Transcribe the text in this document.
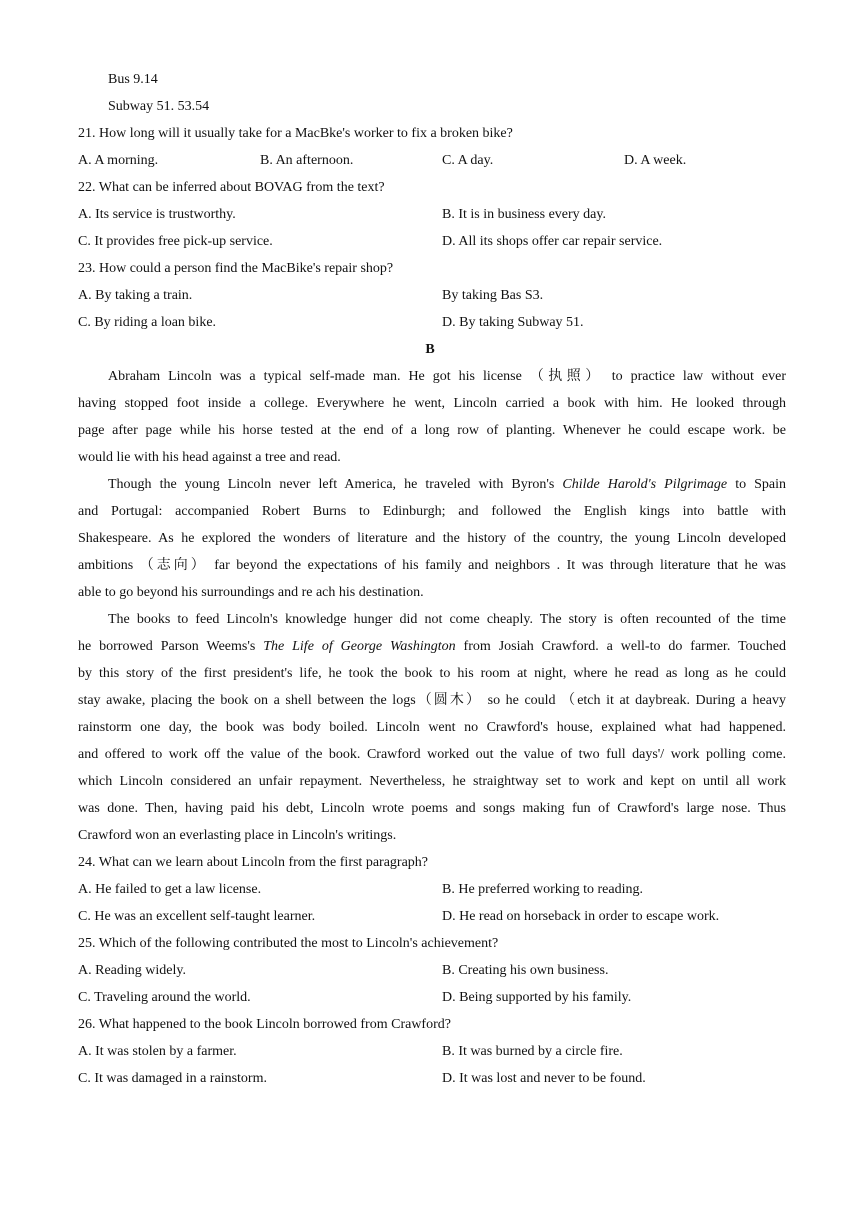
Bus 9.14
Subway 51. 53.54
21. How long will it usually take for a MacBke's worker to fix a broken bike?
A. A morning.	B. An afternoon.	C. A day.	D. A week.
22. What can be inferred about BOVAG from the text?
A. Its service is trustworthy.	B. It is in business every day.
C. It provides free pick-up service.	D. All its shops offer car repair service.
23. How could a person find the MacBike's repair shop?
A. By taking a train.	By taking Bas S3.
C. By riding a loan bike.	D. By taking Subway 51.
B
Abraham Lincoln was a typical self-made man. He got his license （执照） to practice law without ever
having stopped foot inside a college. Everywhere he went, Lincoln carried a book with him. He looked through
page after page while his horse tested at the end of a long row of planting. Whenever he could escape work. be
would lie with his head against a tree and read.
Though the young Lincoln never left America, he traveled with Byron's Childe Harold's Pilgrimage to Spain
and Portugal: accompanied Robert Burns to Edinburgh; and followed the English kings into battle with
Shakespeare. As he explored the wonders of literature and the history of the country, the young Lincoln developed
ambitions （志向） far beyond the expectations of his family and neighbors . It was through literature that he was
able to go beyond his surroundings and re ach his destination.
The books to feed Lincoln's knowledge hunger did not come cheaply. The story is often recounted of the time
he borrowed Parson Weems's The Life of George Washington from Josiah Crawford. a well-to do farmer. Touched
by this story of the first president's life, he took the book to his room at night, where he read as long as he could
stay awake, placing the book on a shell between the logs（圆木） so he could （etch it at daybreak. During a heavy
rainstorm one day, the book was body boiled. Lincoln went no Crawford's house, explained what had happened.
and offered to work off the value of the book. Crawford worked out the value of two full days'/ work polling come.
which Lincoln considered an unfair repayment. Nevertheless, he straightway set to work and kept on until all work
was done. Then, having paid his debt, Lincoln wrote poems and songs making fun of Crawford's large nose. Thus
Crawford won an everlasting place in Lincoln's writings.
24. What can we learn about Lincoln from the first paragraph?
A. He failed to get a law license.	B. He preferred working to reading.
C. He was an excellent self-taught learner.	D. He read on horseback in order to escape work.
25. Which of the following contributed the most to Lincoln's achievement?
A. Reading widely.	B. Creating his own business.
C. Traveling around the world.	D. Being supported by his family.
26. What happened to the book Lincoln borrowed from Crawford?
A. It was stolen by a farmer.	B. It was burned by a circle fire.
C. It was damaged in a rainstorm.	D. It was lost and never to be found.
